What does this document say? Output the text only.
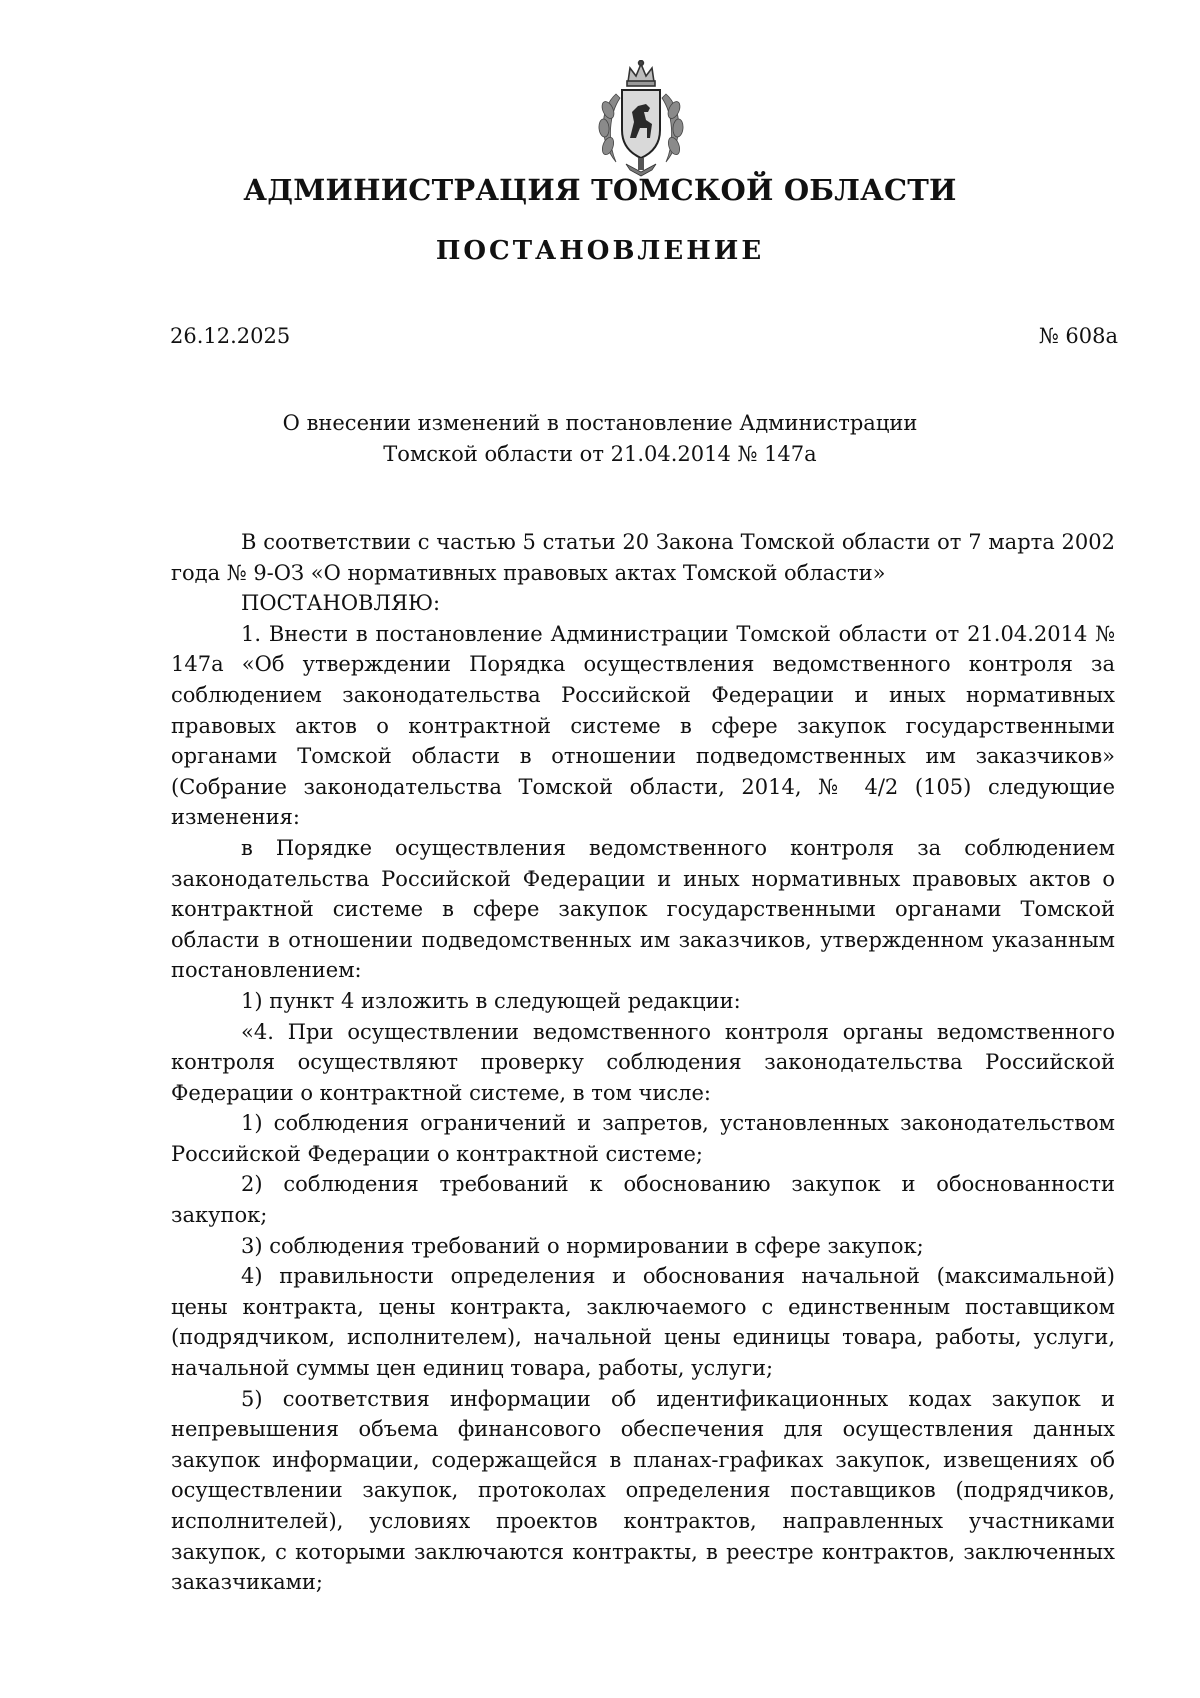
АДМИНИСТРАЦИЯ ТОМСКОЙ ОБЛАСТИ
ПОСТАНОВЛЕНИЕ
26.12.2025	№ 608а
О внесении изменений в постановление Администрации
Томской области от 21.04.2014 № 147а

В соответствии с частью 5 статьи 20 Закона Томской области от 7 марта 2002 года № 9-ОЗ «О нормативных правовых актах Томской области»

ПОСТАНОВЛЯЮ:

1. Внести в постановление Администрации Томской области от 21.04.2014 № 147а «Об утверждении Порядка осуществления ведомственного контроля за соблюдением законодательства Российской Федерации и иных нормативных правовых актов о контрактной системе в сфере закупок государственными органами Томской области в отношении подведомственных им заказчиков» (Собрание законодательства Томской области, 2014, № 4/2 (105) следующие изменения:

в Порядке осуществления ведомственного контроля за соблюдением законодательства Российской Федерации и иных нормативных правовых актов о контрактной системе в сфере закупок государственными органами Томской области в отношении подведомственных им заказчиков, утвержденном указанным постановлением:

1) пункт 4 изложить в следующей редакции:

«4. При осуществлении ведомственного контроля органы ведомственного контроля осуществляют проверку соблюдения законодательства Российской Федерации о контрактной системе, в том числе:

1) соблюдения ограничений и запретов, установленных законодательством Российской Федерации о контрактной системе;

2) соблюдения требований к обоснованию закупок и обоснованности закупок;

3) соблюдения требований о нормировании в сфере закупок;

4) правильности определения и обоснования начальной (максимальной) цены контракта, цены контракта, заключаемого с единственным поставщиком (подрядчиком, исполнителем), начальной цены единицы товара, работы, услуги, начальной суммы цен единиц товара, работы, услуги;

5) соответствия информации об идентификационных кодах закупок и непревышения объема финансового обеспечения для осуществления данных закупок информации, содержащейся в планах-графиках закупок, извещениях об осуществлении закупок, протоколах определения поставщиков (подрядчиков, исполнителей), условиях проектов контрактов, направленных участниками закупок, с которыми заключаются контракты, в реестре контрактов, заключенных заказчиками;
